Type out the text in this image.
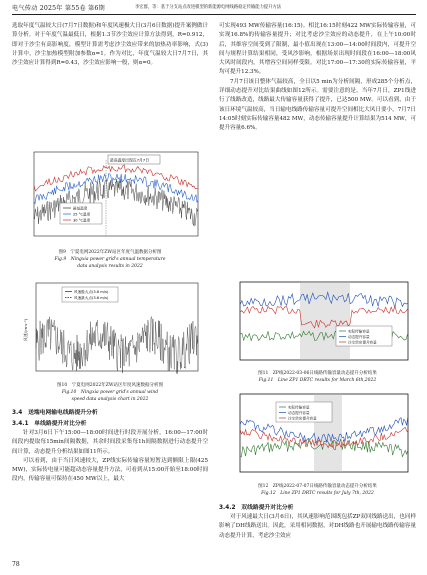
电气传动 2025年 第55卷 第6期	李宏群，等：基于分支站点改进模型的新能源电网线路稳定传输能力提升方法

选取年度气温较大日(7月7日数据)和年度风速极大日(3月6日数据)提升案例做计算分析。对于年度气温最低日，根据1.3节沙尘效应计算方法得到，R=0.912，即对于沙尘有高影响度，模型计算需考虑沙尘效应带来的加热功率影响，式(3)计算中，沙尘加热模型附加参数α=1。作为对比，年度气温较大日7月7日，其沙尘效应计算得到R=0.43，沙尘效应影响一般，则α=0。

最高温度出现在7月7日
最低温度
25 °C温度
30 °C温度
图9　宁夏电网2022年ZW站区年度气温数据分析图
Fig.9　Ningxia power grid's annual temperature
data analysis results in 2022
风速/(m·s⁻¹)
风速极大点(3.6 m/s)
风速最大点(3.6 m/s)
图10　宁夏电网2022年ZW站区年度风速数据分析图
Fig.10　Ningxia power grid's annual wind
speed data analysis chart in 2022
3.4　送端电网输电线路提升分析
3.4.1　单线路提升对比分析

针对3月6日下午15:00—18:00时间进行时段开展分析，16:00—17:00时间段内提取每15min间隔数据，其余时间段采集每1h间隔数据进行动态提升空间计算，动态提升分析结果如图11所示。

可以看到，由于当日风速较大，ZP线实际传输容量短暂达到额限上限(425 MW)，实际传电量可能超动态容量提升方法，可看到从15:00开始至18:00时间段内，传输容量可保持在450 MW以上，最大

78

可实现493 MW传输容量(16:15)。相比16:15时刻422 MW实际传输容量，可实现16.8%的传输容量提升；对比考虑沙尘效应的动态提升，在上午10:00时后，其维容空间受到了限制，最小值出现在13:00—14:00时间段内，可提升空间与规程计算结果相同，受风沙影响，根据场景出现时间段在16:00—18:00风大风时间段内，其增容空间同样受限。对比17:00—17:30的实际传输容量，平均可提升12.3%。

7月7日该日整体气温较高，全日以5 min为分析间隔，形成285个分析点，详细动态提升对比结果曲线如图12所示。需要注意的是，当年7月日，ZP1线进行了线路改造，线路最大传输容量获得了提升，已达500 MW。可以看到，由于该日环境气温较高，当日输电线路传输容量可提升空间相比大风日要小，7月7日14:05时刻实际传输容量482 MW，动态传输容量提升计算结果为514 MW，可提升容量6.6%。

实际传输容量
动态提升容量
沙尘效应提升容量
图11　ZP线2022-03-06日线路传输容量动态提升分析结果
Fig.11　Line ZP1 DRTC results for March 6th,2022
实际传输容量
动态提升容量
沙尘效应提升容量
图12　ZP线2022-07-07日线路传输容量动态提升分析结果
Fig.12　Line ZP1 DRTC results for July 7th, 2022
3.4.2　双线路提升对比分析

对于风速最大日(3月6日)，其风速影响范围既包括ZP双回线路送出，也同样影响了DH线路送出。因此，采用相同数据，对DH线路也开展输电线路传输容量动态提升计算，考虑沙尘效应
